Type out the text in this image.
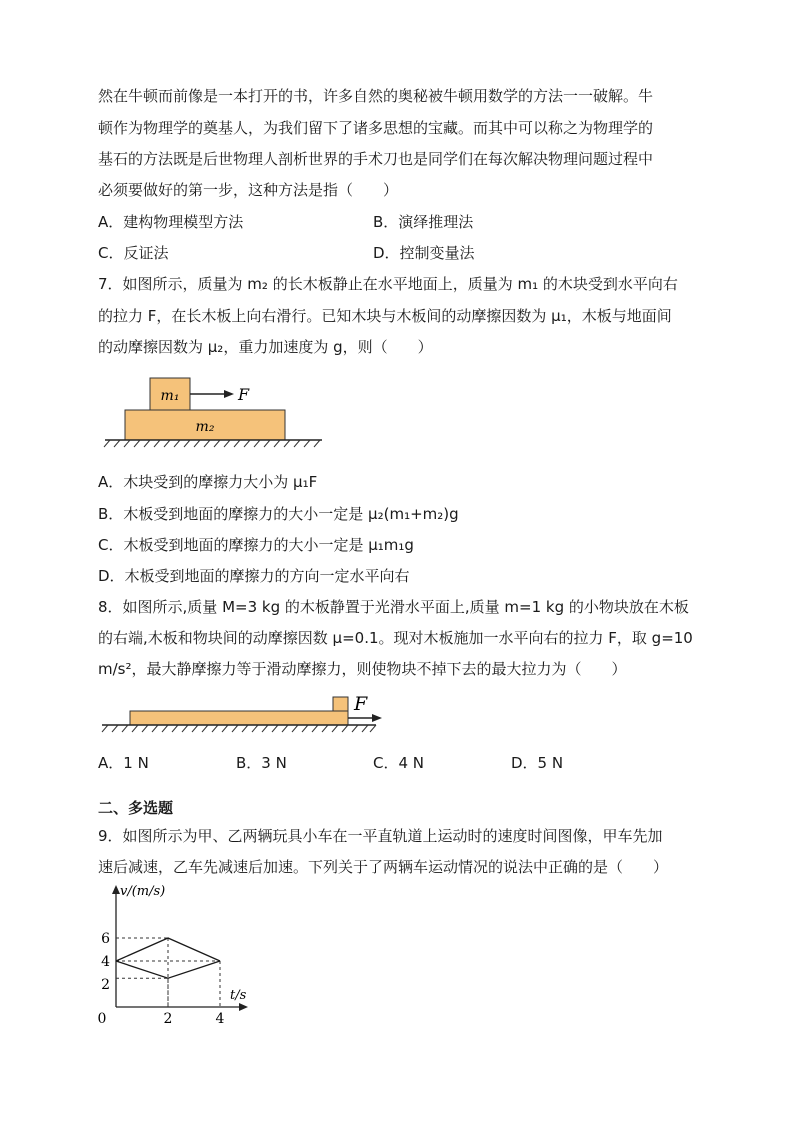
然在牛顿而前像是一本打开的书，许多自然的奥秘被牛顿用数学的方法一一破解。牛
顿作为物理学的奠基人，为我们留下了诸多思想的宝藏。而其中可以称之为物理学的
基石的方法既是后世物理人剖析世界的手术刀也是同学们在每次解决物理问题过程中
必须要做好的第一步，这种方法是指（　　）
A．建构物理模型方法	B．演绎推理法
C．反证法	D．控制变量法
7．如图所示，质量为 m₂ 的长木板静止在水平地面上，质量为 m₁ 的木块受到水平向右
的拉力 F，在长木板上向右滑行。已知木块与木板间的动摩擦因数为 μ₁，木板与地面间
的动摩擦因数为 μ₂，重力加速度为 g，则（　　）
m₁	F
m₂
A．木块受到的摩擦力大小为 μ₁F
B．木板受到地面的摩擦力的大小一定是 μ₂(m₁+m₂)g
C．木板受到地面的摩擦力的大小一定是 μ₁m₁g
D．木板受到地面的摩擦力的方向一定水平向右
8．如图所示,质量 M=3 kg 的木板静置于光滑水平面上,质量 m=1 kg 的小物块放在木板
的右端,木板和物块间的动摩擦因数 μ=0.1。现对木板施加一水平向右的拉力 F，取 g=10
m/s²，最大静摩擦力等于滑动摩擦力，则使物块不掉下去的最大拉力为（　　）
F
A．1 N	B．3 N	C．4 N	D．5 N
二、多选题
9．如图所示为甲、乙两辆玩具小车在一平直轨道上运动时的速度时间图像，甲车先加
速后减速，乙车先减速后加速。下列关于了两辆车运动情况的说法中正确的是（　　）
v/(m/s)
t/s
2
4
6
0	2	4
